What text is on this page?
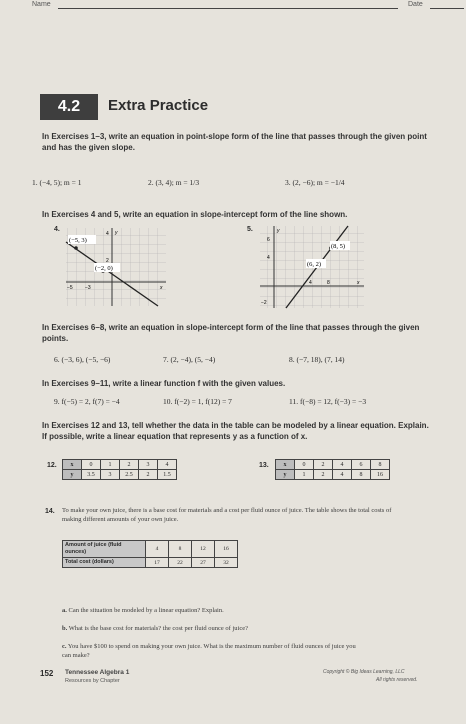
Name	Date
4.2	Extra Practice
In Exercises 1–3, write an equation in point-slope form of the line that passes through the given point and has the given slope.
1. (−4, 5); m = 1	2. (3, 4); m = 1/3	3. (2, −6); m = −1/4
In Exercises 4 and 5, write an equation in slope-intercept form of the line shown.
4.
(−5, 3)
(−2, 0)
4
2
−5 −3	x
y	5.
(8, 5)
(6, 2)
6
4
−2
4	8	x
y
In Exercises 6–8, write an equation in slope-intercept form of the line that passes through the given points.
6. (−3, 6), (−5, −6)	7. (2, −4), (5, −4)	8. (−7, 18), (7, 14)
In Exercises 9–11, write a linear function f with the given values.
9. f(−5) = 2, f(7) = −4	10. f(−2) = 1, f(12) = 7	11. f(−8) = 12, f(−3) = −3
In Exercises 12 and 13, tell whether the data in the table can be modeled by a linear equation. Explain. If possible, write a linear equation that represents y as a function of x.
12. x	0	1	2	3	4
y	3.5	3	2.5	2	1.5
13. x	0	2	4	6	8
y	1	2	4	8	16
14. To make your own juice, there is a base cost for materials and a cost per fluid ounce of juice. The table shows the total costs of making different amounts of your own juice.
Amount of juice (fluid ounces)	4	8	12	16
Total cost (dollars)	17	22	27	32
a. Can the situation be modeled by a linear equation? Explain.
b. What is the base cost for materials? the cost per fluid ounce of juice?
c. You have $100 to spend on making your own juice. What is the maximum number of fluid ounces of juice you can make?
152 Tennessee Algebra 1
Resources by Chapter
Copyright © Big Ideas Learning, LLC
All rights reserved.
